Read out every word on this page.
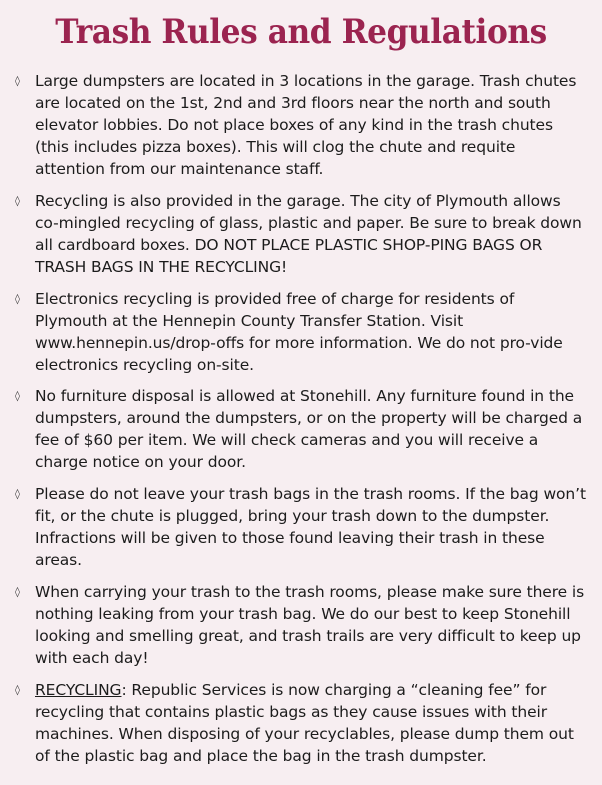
Trash Rules and Regulations
◊ Large dumpsters are located in 3 locations in the garage. Trash chutes are located on the 1st, 2nd and 3rd floors near the north and south elevator lobbies. Do not place boxes of any kind in the trash chutes (this includes pizza boxes). This will clog the chute and requite attention from our maintenance staff.
◊ Recycling is also provided in the garage. The city of Plymouth allows co-mingled recycling of glass, plastic and paper. Be sure to break down all cardboard boxes. DO NOT PLACE PLASTIC SHOP-PING BAGS OR TRASH BAGS IN THE RECYCLING!
◊ Electronics recycling is provided free of charge for residents of Plymouth at the Hennepin County Transfer Station. Visit www.hennepin.us/drop-offs for more information. We do not pro-vide electronics recycling on-site.
◊ No furniture disposal is allowed at Stonehill. Any furniture found in the dumpsters, around the dumpsters, or on the property will be charged a fee of $60 per item. We will check cameras and you will receive a charge notice on your door.
◊ Please do not leave your trash bags in the trash rooms. If the bag won’t fit, or the chute is plugged, bring your trash down to the dumpster. Infractions will be given to those found leaving their trash in these areas.
◊ When carrying your trash to the trash rooms, please make sure there is nothing leaking from your trash bag. We do our best to keep Stonehill looking and smelling great, and trash trails are very difficult to keep up with each day!
◊ RECYCLING: Republic Services is now charging a “cleaning fee” for recycling that contains plastic bags as they cause issues with their machines. When disposing of your recyclables, please dump them out of the plastic bag and place the bag in the trash dumpster.
